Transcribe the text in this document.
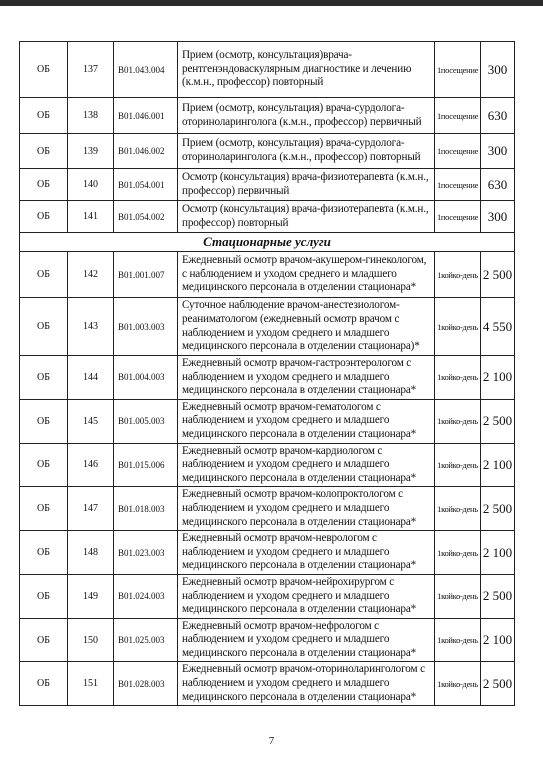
ОБ	137	В01.043.004	Прием (осмотр, консультация)врача-рентгенэндоваскулярным диагностике и лечению (к.м.н., профессор) повторный	1посещение	300
ОБ	138	В01.046.001	Прием (осмотр, консультация) врача-сурдолога-оториноларинголога (к.м.н., профессор) первичный	1посещение	630
ОБ	139	В01.046.002	Прием (осмотр, консультация) врача-сурдолога-оториноларинголога (к.м.н., профессор) повторный	1посещение	300
ОБ	140	В01.054.001	Осмотр (консультация) врача-физиотерапевта (к.м.н., профессор) первичный	1посещение	630
ОБ	141	В01.054.002	Осмотр (консультация) врача-физиотерапевта (к.м.н., профессор) повторный	1посещение	300
Стационарные услуги					
ОБ	142	В01.001.007	Ежедневный осмотр врачом-акушером-гинекологом, с наблюдением и уходом среднего и младшего медицинского персонала в отделении стационара*	1койко-день	2 500
ОБ	143	В01.003.003	Суточное наблюдение врачом-анестезиологом-реаниматологом (ежедневный осмотр врачом с наблюдением и уходом среднего и младшего медицинского персонала в отделении стационара)*	1койко-день	4 550
ОБ	144	В01.004.003	Ежедневный осмотр врачом-гастроэнтерологом с наблюдением и уходом среднего и младшего медицинского персонала в отделении стационара*	1койко-день	2 100
ОБ	145	В01.005.003	Ежедневный осмотр врачом-гематологом с наблюдением и уходом среднего и младшего медицинского персонала в отделении стационара*	1койко-день	2 500
ОБ	146	В01.015.006	Ежедневный осмотр врачом-кардиологом с наблюдением и уходом среднего и младшего медицинского персонала в отделении стационара*	1койко-день	2 100
ОБ	147	В01.018.003	Ежедневный осмотр врачом-колопроктологом с наблюдением и уходом среднего и младшего медицинского персонала в отделении стационара*	1койко-день	2 500
ОБ	148	В01.023.003	Ежедневный осмотр врачом-неврологом с наблюдением и уходом среднего и младшего медицинского персонала в отделении стационара*	1койко-день	2 100
ОБ	149	В01.024.003	Ежедневный осмотр врачом-нейрохирургом с наблюдением и уходом среднего и младшего медицинского персонала в отделении стационара*	1койко-день	2 500
ОБ	150	В01.025.003	Ежедневный осмотр врачом-нефрологом с наблюдением и уходом среднего и младшего медицинского персонала в отделении стационара*	1койко-день	2 100
ОБ	151	В01.028.003	Ежедневный осмотр врачом-оториноларингологом с наблюдением и уходом среднего и младшего медицинского персонала в отделении стационара*	1койко-день	2 500
7
